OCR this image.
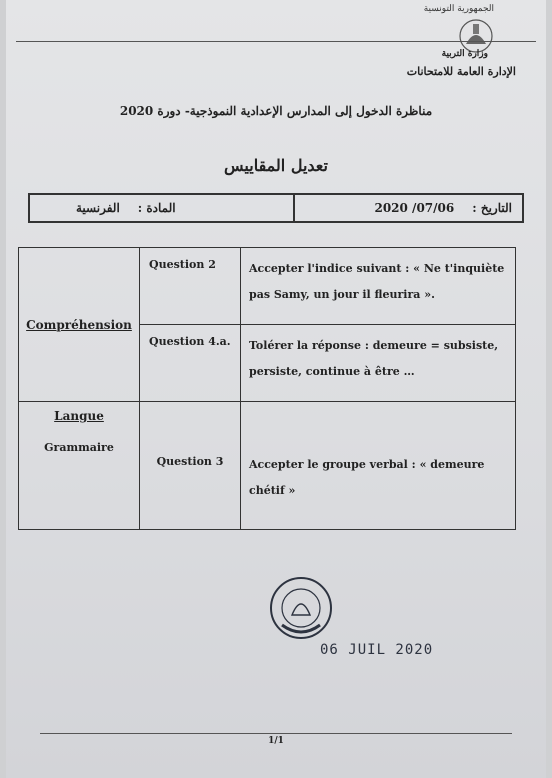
الجمهورية التونسية
وزارة التربية
الإدارة العامة للامتحانات
مناظرة الدخول إلى المدارس الإعدادية النموذجية- دورة 2020
تعديل المقاييس
الفرنسية المادة :	2020 /07/06 التاريخ :
Compréhension	Question 2	Accepter l'indice suivant : « Ne t'inquiète pas Samy, un jour il fleurira ».

	Question 4.a.	Tolérer la réponse : demeure = subsiste, persiste, continue à être …

Langue
Grammaire	Question 3	Accepter le groupe verbal : « demeure chétif »
06 JUIL 2020
1/1
